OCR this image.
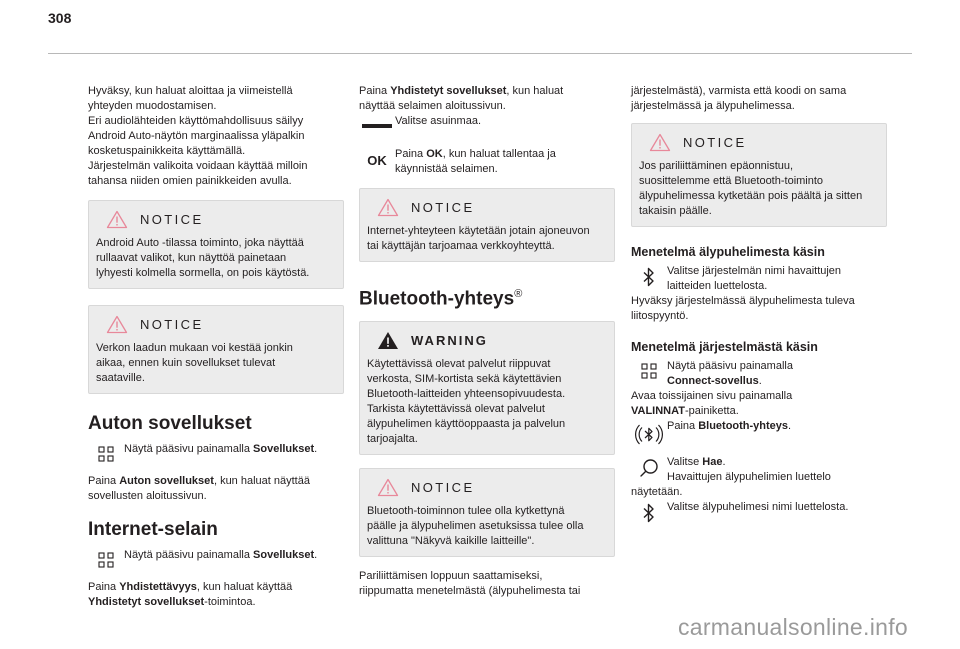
308

Hyväksy, kun haluat aloittaa ja viimeistellä
yhteyden muodostamisen.
Eri audiolähteiden käyttömahdollisuus säilyy
Android Auto-näytön marginaalissa yläpalkin
kosketuspainikkeita käyttämällä.
Järjestelmän valikoita voidaan käyttää milloin
tahansa niiden omien painikkeiden avulla.

NOTICE

Android Auto -tilassa toiminto, joka näyttää
rullaavat valikot, kun näyttöä painetaan
lyhyesti kolmella sormella, on pois käytöstä.

NOTICE

Verkon laadun mukaan voi kestää jonkin
aikaa, ennen kuin sovellukset tulevat
saataville.

Auton sovellukset

Näytä pääsivu painamalla Sovellukset.

Paina Auton sovellukset, kun haluat näyttää
sovellusten aloitussivun.

Internet-selain

Näytä pääsivu painamalla Sovellukset.

Paina Yhdistettävyys, kun haluat käyttää
Yhdistetyt sovellukset-toimintoa.

Paina Yhdistetyt sovellukset, kun haluat
näyttää selaimen aloitussivun.

Valitse asuinmaa.

OK Paina OK, kun haluat tallentaa ja
käynnistää selaimen.

NOTICE

Internet-yhteyteen käytetään jotain ajoneuvon
tai käyttäjän tarjoamaa verkkoyhteyttä.

Bluetooth-yhteys®
WARNING

Käytettävissä olevat palvelut riippuvat
verkosta, SIM-kortista sekä käytettävien
Bluetooth-laitteiden yhteensopivuudesta.
Tarkista käytettävissä olevat palvelut
älypuhelimen käyttöoppaasta ja palvelun
tarjoajalta.

NOTICE

Bluetooth-toiminnon tulee olla kytkettynä
päälle ja älypuhelimen asetuksissa tulee olla
valittuna "Näkyvä kaikille laitteille".

Pariliittämisen loppuun saattamiseksi,
riippumatta menetelmästä (älypuhelimesta tai

järjestelmästä), varmista että koodi on sama
järjestelmässä ja älypuhelimessa.

NOTICE

Jos pariliittäminen epäonnistuu,
suosittelemme että Bluetooth-toiminto
älypuhelimessa kytketään pois päältä ja sitten
takaisin päälle.

Menetelmä älypuhelimesta käsin

Valitse järjestelmän nimi havaittujen
laitteiden luettelosta.

Hyväksy järjestelmässä älypuhelimesta tuleva
liitospyyntö.

Menetelmä järjestelmästä käsin

Näytä pääsivu painamalla
Connect-sovellus.

Avaa toissijainen sivu painamalla
VALINNAT-painiketta.

Paina Bluetooth-yhteys.

Valitse Hae.
Havaittujen älypuhelimien luettelo

näytetään.

Valitse älypuhelimesi nimi luettelosta.

carmanualsonline.info
